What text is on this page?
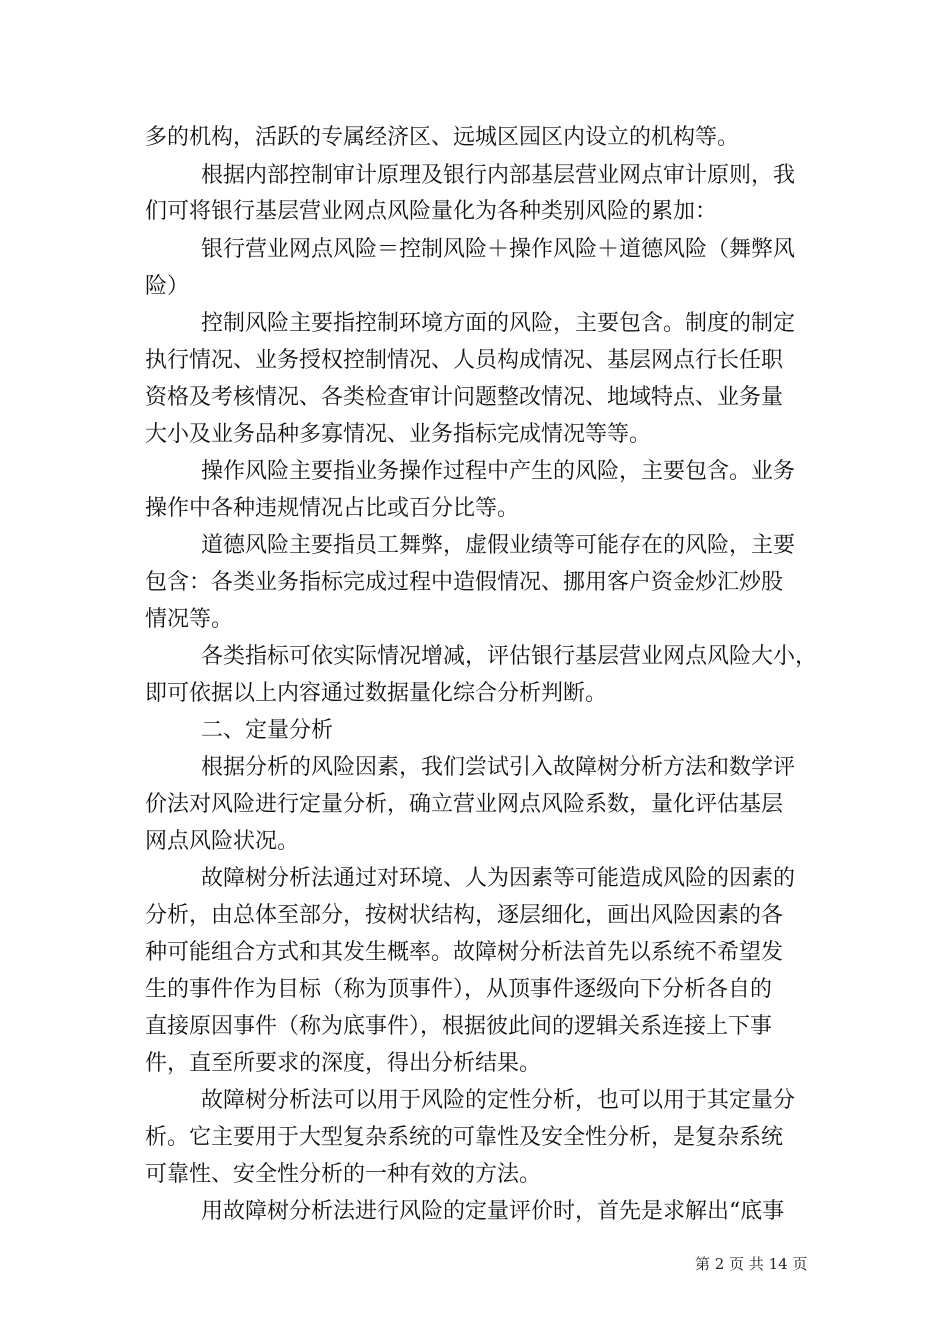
多的机构，活跃的专属经济区、远城区园区内设立的机构等。
根据内部控制审计原理及银行内部基层营业网点审计原则，我
们可将银行基层营业网点风险量化为各种类别风险的累加：
银行营业网点风险＝控制风险＋操作风险＋道德风险（舞弊风
险）
控制风险主要指控制环境方面的风险，主要包含。制度的制定
执行情况、业务授权控制情况、人员构成情况、基层网点行长任职
资格及考核情况、各类检查审计问题整改情况、地域特点、业务量
大小及业务品种多寡情况、业务指标完成情况等等。
操作风险主要指业务操作过程中产生的风险，主要包含。业务
操作中各种违规情况占比或百分比等。
道德风险主要指员工舞弊，虚假业绩等可能存在的风险，主要
包含：各类业务指标完成过程中造假情况、挪用客户资金炒汇炒股
情况等。
各类指标可依实际情况增减，评估银行基层营业网点风险大小，
即可依据以上内容通过数据量化综合分析判断。
二、定量分析
根据分析的风险因素，我们尝试引入故障树分析方法和数学评
价法对风险进行定量分析，确立营业网点风险系数，量化评估基层
网点风险状况。
故障树分析法通过对环境、人为因素等可能造成风险的因素的
分析，由总体至部分，按树状结构，逐层细化，画出风险因素的各
种可能组合方式和其发生概率。故障树分析法首先以系统不希望发
生的事件作为目标（称为顶事件），从顶事件逐级向下分析各自的
直接原因事件（称为底事件），根据彼此间的逻辑关系连接上下事
件，直至所要求的深度，得出分析结果。
故障树分析法可以用于风险的定性分析，也可以用于其定量分
析。它主要用于大型复杂系统的可靠性及安全性分析，是复杂系统
可靠性、安全性分析的一种有效的方法。
用故障树分析法进行风险的定量评价时，首先是求解出“底事
第 2 页 共 14 页
